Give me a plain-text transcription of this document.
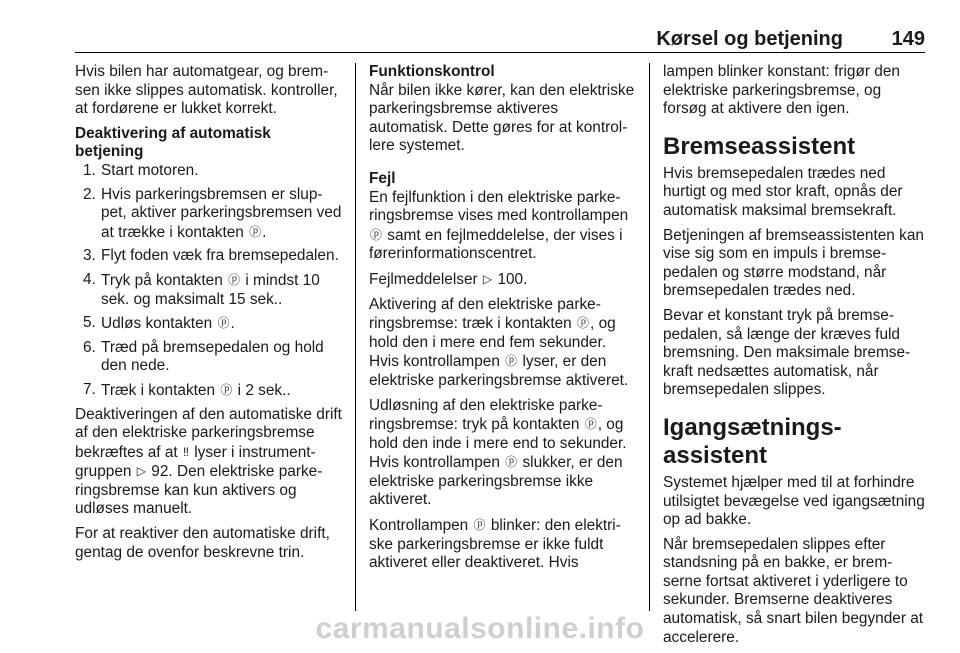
Kørsel og betjening 149

Hvis bilen har automatgear, og bremsen ikke slippes automatisk. kontroller, at fordørene er lukket korrekt.

Deaktivering af automatisk betjening

1. Start motoren.
2. Hvis parkeringsbremsen er sluppet, aktiver parkeringsbremsen ved at trække i kontakten ⓟ.
3. Flyt foden væk fra bremsepedalen.
4. Tryk på kontakten ⓟ i mindst 10 sek. og maksimalt 15 sek..
5. Udløs kontakten ⓟ.
6. Træd på bremsepedalen og hold den nede.
7. Træk i kontakten ⓟ i 2 sek..

Deaktiveringen af den automatiske drift af den elektriske parkeringsbremse bekræftes af at ‼ lyser i instrumentgruppen ▷ 92. Den elektriske parkeringsbremse kan kun aktivers og udløses manuelt.

For at reaktiver den automatiske drift, gentag de ovenfor beskrevne trin.

Funktionskontrol

Når bilen ikke kører, kan den elektriske parkeringsbremse aktiveres automatisk. Dette gøres for at kontrollere systemet.

Fejl

En fejlfunktion i den elektriske parkeringsbremse vises med kontrollampen ⓟ samt en fejlmeddelelse, der vises i førerinformationscentret.

Fejlmeddelelser ▷ 100.

Aktivering af den elektriske parkeringsbremse: træk i kontakten ⓟ, og hold den i mere end fem sekunder. Hvis kontrollampen ⓟ lyser, er den elektriske parkeringsbremse aktiveret.

Udløsning af den elektriske parkeringsbremse: tryk på kontakten ⓟ, og hold den inde i mere end to sekunder. Hvis kontrollampen ⓟ slukker, er den elektriske parkeringsbremse ikke aktiveret.

Kontrollampen ⓟ blinker: den elektriske parkeringsbremse er ikke fuldt aktiveret eller deaktiveret. Hvis

lampen blinker konstant: frigør den elektriske parkeringsbremse, og forsøg at aktivere den igen.

Bremseassistent

Hvis bremsepedalen trædes ned hurtigt og med stor kraft, opnås der automatisk maksimal bremsekraft.

Betjeningen af bremseassistenten kan vise sig som en impuls i bremsepedalen og større modstand, når bremsepedalen trædes ned.

Bevar et konstant tryk på bremsepedalen, så længe der kræves fuld bremsning. Den maksimale bremsekraft nedsættes automatisk, når bremsepedalen slippes.

Igangsætnings-assistent

Systemet hjælper med til at forhindre utilsigtet bevægelse ved igangsætning op ad bakke.

Når bremsepedalen slippes efter standsning på en bakke, er bremserne fortsat aktiveret i yderligere to sekunder. Bremserne deaktiveres automatisk, så snart bilen begynder at accelerere.

carmanualsonline.info
